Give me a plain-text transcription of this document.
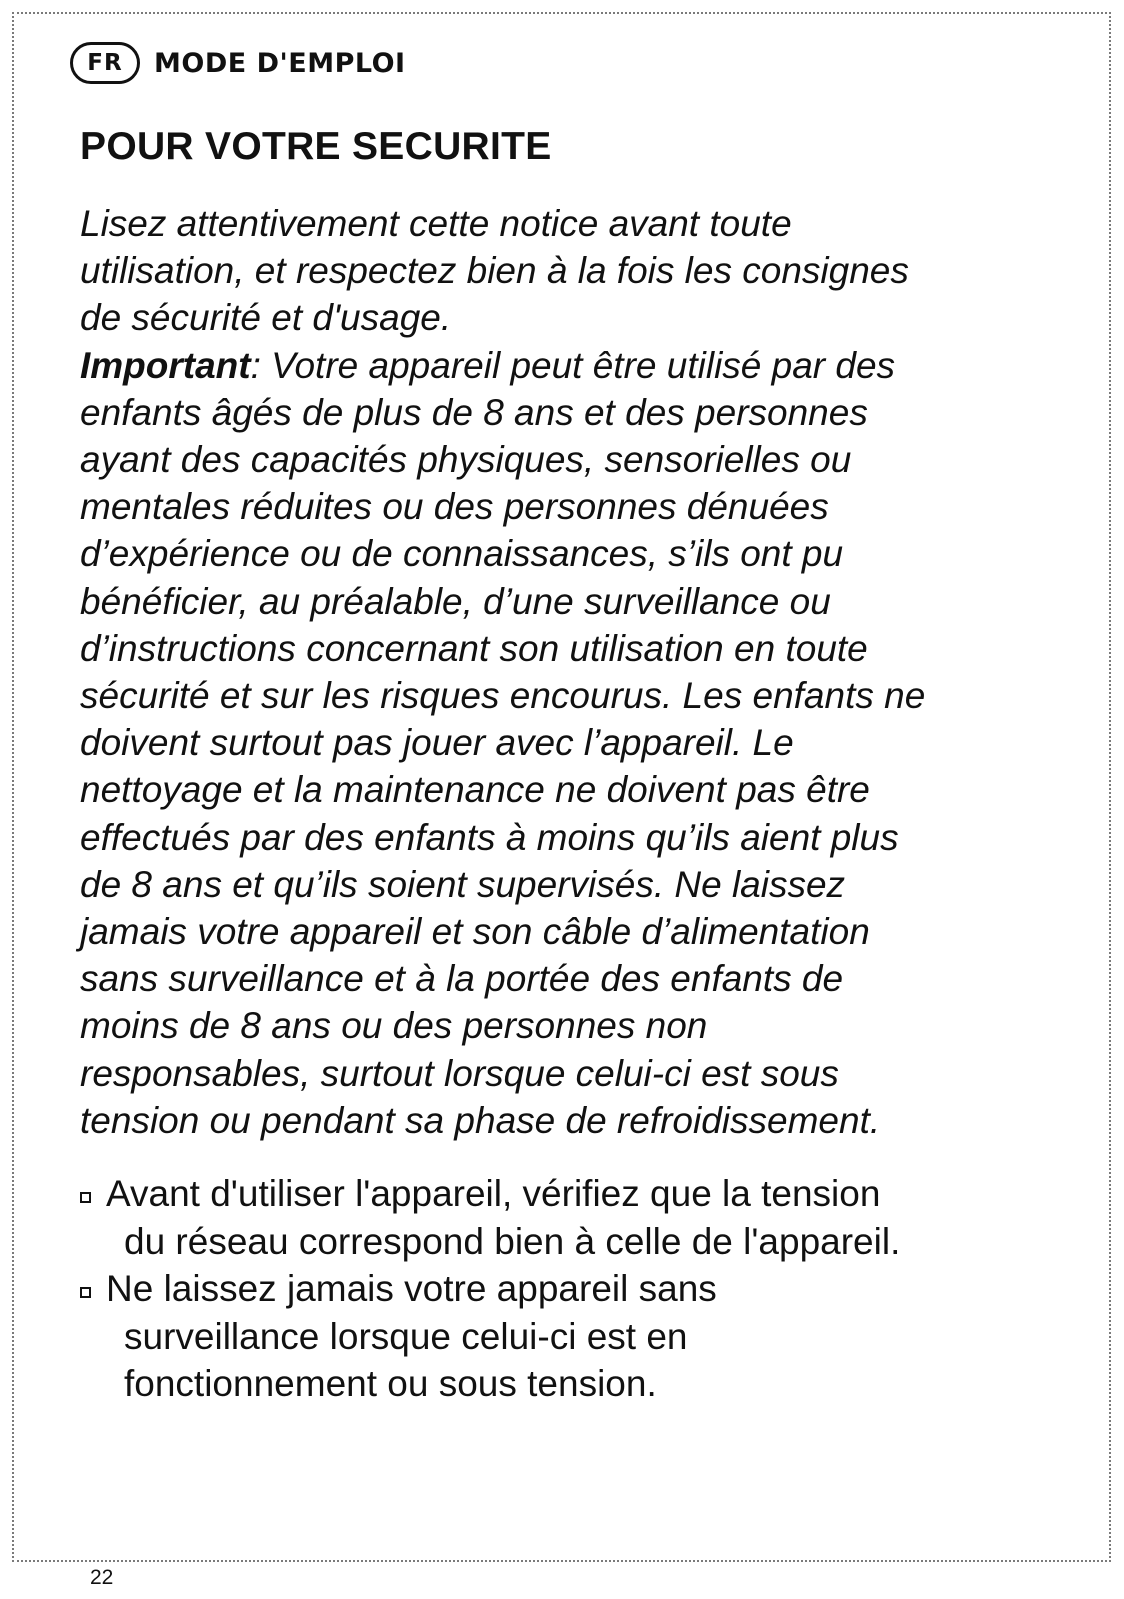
FR	MODE D'EMPLOI
POUR VOTRE SECURITE

Lisez attentivement cette notice avant toute
utilisation, et respectez bien à la fois les consignes
de sécurité et d'usage.
Important: Votre appareil peut être utilisé par des
enfants âgés de plus de 8 ans et des personnes
ayant des capacités physiques, sensorielles ou
mentales réduites ou des personnes dénuées
d’expérience ou de connaissances, s’ils ont pu
bénéficier, au préalable, d’une surveillance ou
d’instructions concernant son utilisation en toute
sécurité et sur les risques encourus. Les enfants ne
doivent surtout pas jouer avec l’appareil. Le
nettoyage et la maintenance ne doivent pas être
effectués par des enfants à moins qu’ils aient plus
de 8 ans et qu’ils soient supervisés. Ne laissez
jamais votre appareil et son câble d’alimentation
sans surveillance et à la portée des enfants de
moins de 8 ans ou des personnes non
responsables, surtout lorsque celui-ci est sous
tension ou pendant sa phase de refroidissement.

Avant d'utiliser l'appareil, vérifiez que la tension
du réseau correspond bien à celle de l'appareil.
Ne laissez jamais votre appareil sans
surveillance lorsque celui-ci est en
fonctionnement ou sous tension.
22
